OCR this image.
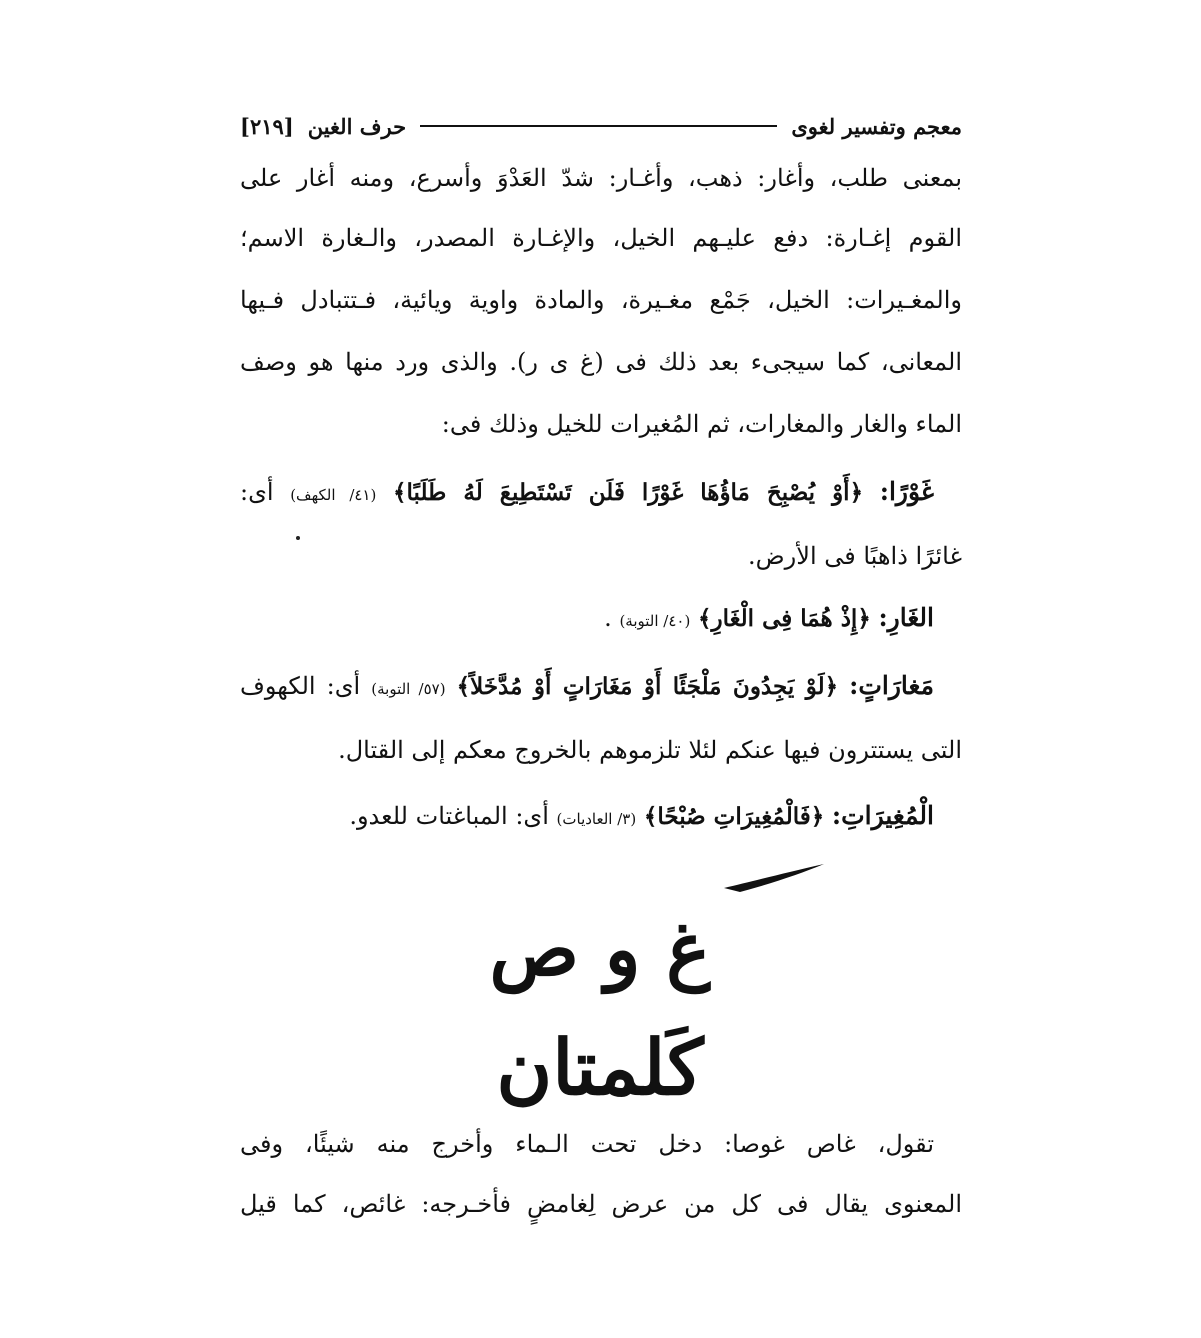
معجم وتفسير لغوى
حرف الغين
[٢١٩]
بمعنى طلب، وأغار: ذهب، وأغـار: شدّ العَدْوَ وأسرع، ومنه أغار على
القوم إغـارة: دفع عليـهم الخيل، والإغـارة المصدر، والـغارة الاسم؛
والمغـيرات: الخيل، جَمْع مغـيرة، والمادة واوية ويائية، فـتتبادل فـيها
المعانى، كما سيجىء بعد ذلك فى (غ ى ر). والذى ورد منها هو وصف
الماء والغار والمغارات، ثم المُغيرات للخيل وذلك فى:
غَوْرًا: ﴿أَوْ يُصْبِحَ مَاؤُهَا غَوْرًا فَلَن تَسْتَطِيعَ لَهُ طَلَبًا﴾ (٤١/ الكهف) أى:
غائرًا ذاهبًا فى الأرض.
الغَارِ: ﴿إِذْ هُمَا فِى الْغَارِ﴾ (٤٠/ التوبة) .
مَغارَاتٍ: ﴿لَوْ يَجِدُونَ مَلْجَئًا أَوْ مَغَارَاتٍ أَوْ مُدَّخَلاً﴾ (٥٧/ التوبة) أى: الكهوف
التى يستترون فيها عنكم لئلا تلزموهم بالخروج معكم إلى القتال.
الْمُغِيرَاتِ: ﴿فَالْمُغِيرَاتِ صُبْحًا﴾ (٣/ العاديات) أى: المباغتات للعدو.
غ و ص
كَلمتان
تقول، غاص غوصا: دخل تحت الـماء وأخرج منه شيئًا، وفى
المعنوى يقال فى كل من عرض لِغامضٍ فأخـرجه: غائص، كما قيل
